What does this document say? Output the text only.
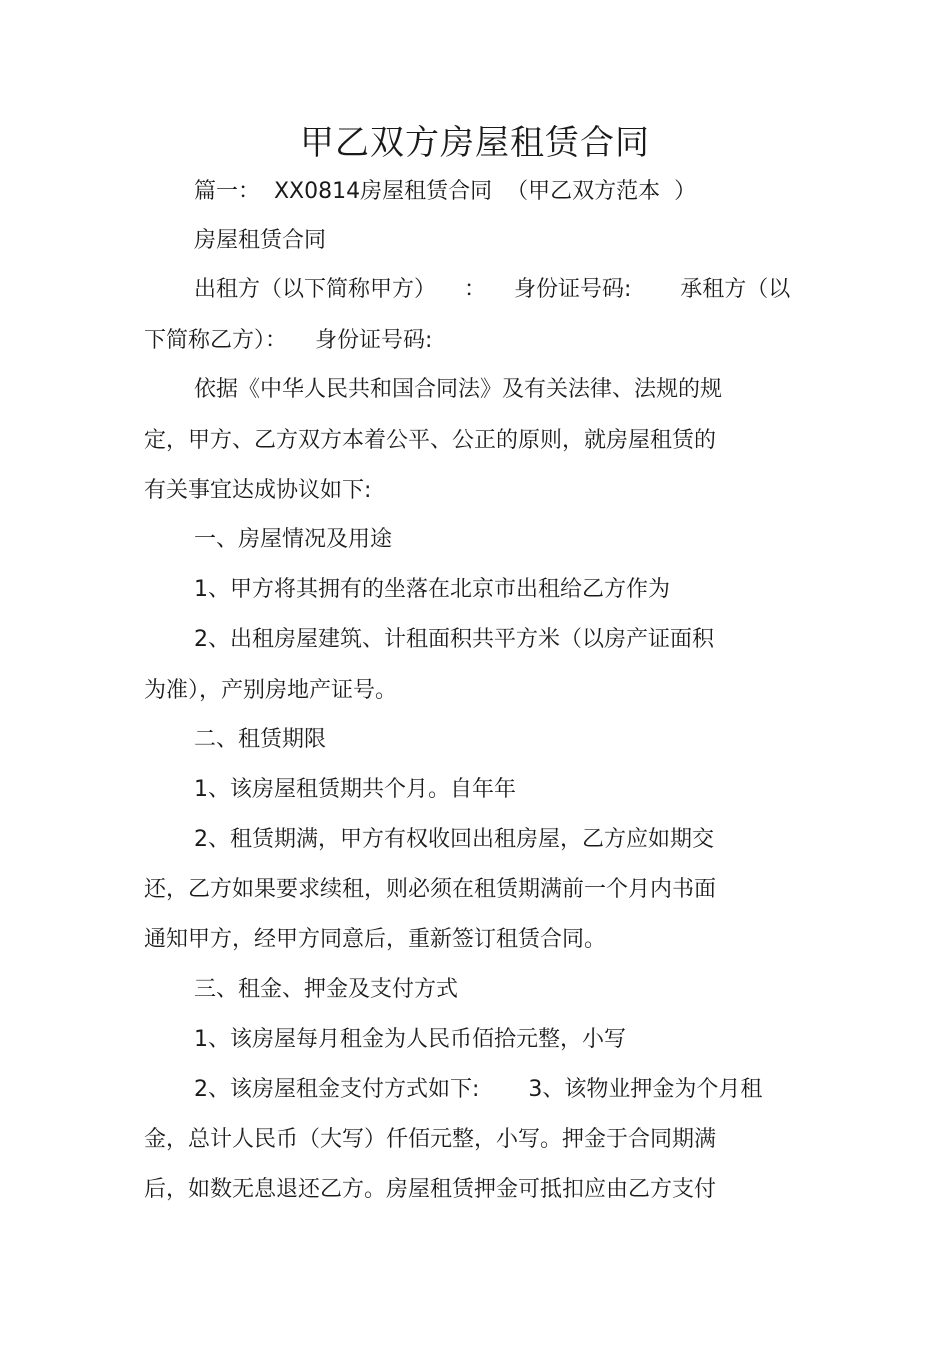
甲乙双方房屋租赁合同

篇一：  XX0814房屋租赁合同  （甲乙双方范本  ）

房屋租赁合同

出租方（以下简称甲方）    ：    身份证号码:       承租方（以

下简称乙方）：    身份证号码:

依据《中华人民共和国合同法》及有关法律、法规的规

定，甲方、乙方双方本着公平、公正的原则，就房屋租赁的

有关事宜达成协议如下:

一、房屋情况及用途

1、甲方将其拥有的坐落在北京市出租给乙方作为

2、出租房屋建筑、计租面积共平方米（以房产证面积

为准），产别房地产证号。

二、租赁期限

1、该房屋租赁期共个月。自年年

2、租赁期满，甲方有权收回出租房屋，乙方应如期交

还，乙方如果要求续租，则必须在租赁期满前一个月内书面

通知甲方，经甲方同意后，重新签订租赁合同。

三、租金、押金及支付方式

1、该房屋每月租金为人民币佰拾元整，小写

2、该房屋租金支付方式如下:       3、该物业押金为个月租

金，总计人民币（大写）仟佰元整，小写。押金于合同期满

后，如数无息退还乙方。房屋租赁押金可抵扣应由乙方支付
